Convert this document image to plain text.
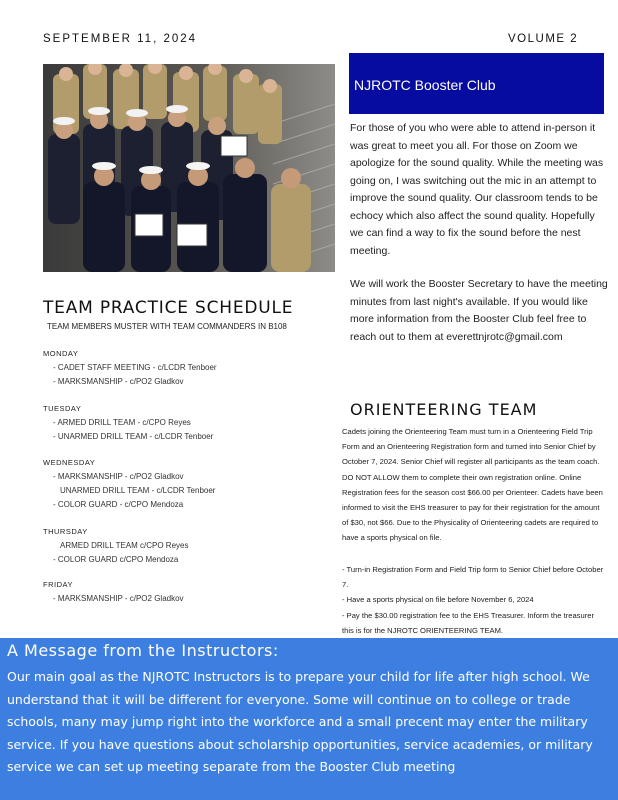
SEPTEMBER 11, 2024	VOLUME 2
NJROTC Booster Club

For those of you who were able to attend in-person it was great to meet you all. For those on Zoom we apologize for the sound quality. While the meeting was going on, I was switching out the mic in an attempt to improve the sound quality. Our classroom tends to be echocy which also affect the sound quality. Hopefully we can find a way to fix the sound before the nest meeting.

We will work the Booster Secretary to have the meeting minutes from last night's available. If you would like more information from the Booster Club feel free to reach out to them at everettnjrotc@gmail.com

TEAM PRACTICE SCHEDULE
TEAM MEMBERS MUSTER WITH TEAM COMMANDERS IN B108
MONDAY
- CADET STAFF MEETING - c/LCDR Tenboer
- MARKSMANSHIP - c/PO2 Gladkov
TUESDAY
- ARMED DRILL TEAM - c/CPO Reyes
- UNARMED DRILL TEAM - c/LCDR Tenboer
WEDNESDAY
- MARKSMANSHIP - c/PO2 Gladkov
UNARMED DRILL TEAM - c/LCDR Tenboer
- COLOR GUARD - c/CPO Mendoza
THURSDAY
ARMED DRILL TEAM c/CPO Reyes
- COLOR GUARD c/CPO Mendoza
FRIDAY
- MARKSMANSHIP - c/PO2 Gladkov
ORIENTEERING TEAM

Cadets joining the Orienteering Team must turn in a Orienteering Field Trip Form and an Orienteering Registration form and turned into Senior Chief by October 7, 2024. Senior Chief will register all participants as the team coach. DO NOT ALLOW them to complete their own registration online. Online Registration fees for the season cost $66.00 per Orienteer. Cadets have been informed to visit the EHS treasurer to pay for their registration for the amount of $30, not $66. Due to the Physicality of Orienteering cadets are required to have a sports physical on file.

- Turn-in Registration Form and Field Trip form to Senior Chief before October 7.
- Have a sports physical on file before November 6, 2024
- Pay the $30.00 registration fee to the EHS Treasurer. Inform the treasurer this is for the NJROTC ORIENTEERING TEAM.
A Message from the Instructors:
Our main goal as the NJROTC Instructors is to prepare your child for life after high school. We understand that it will be different for everyone. Some will continue on to college or trade schools, many may jump right into the workforce and a small precent may enter the military service. If you have questions about scholarship opportunities, service academies, or military service we can set up meeting separate from the Booster Club meeting
